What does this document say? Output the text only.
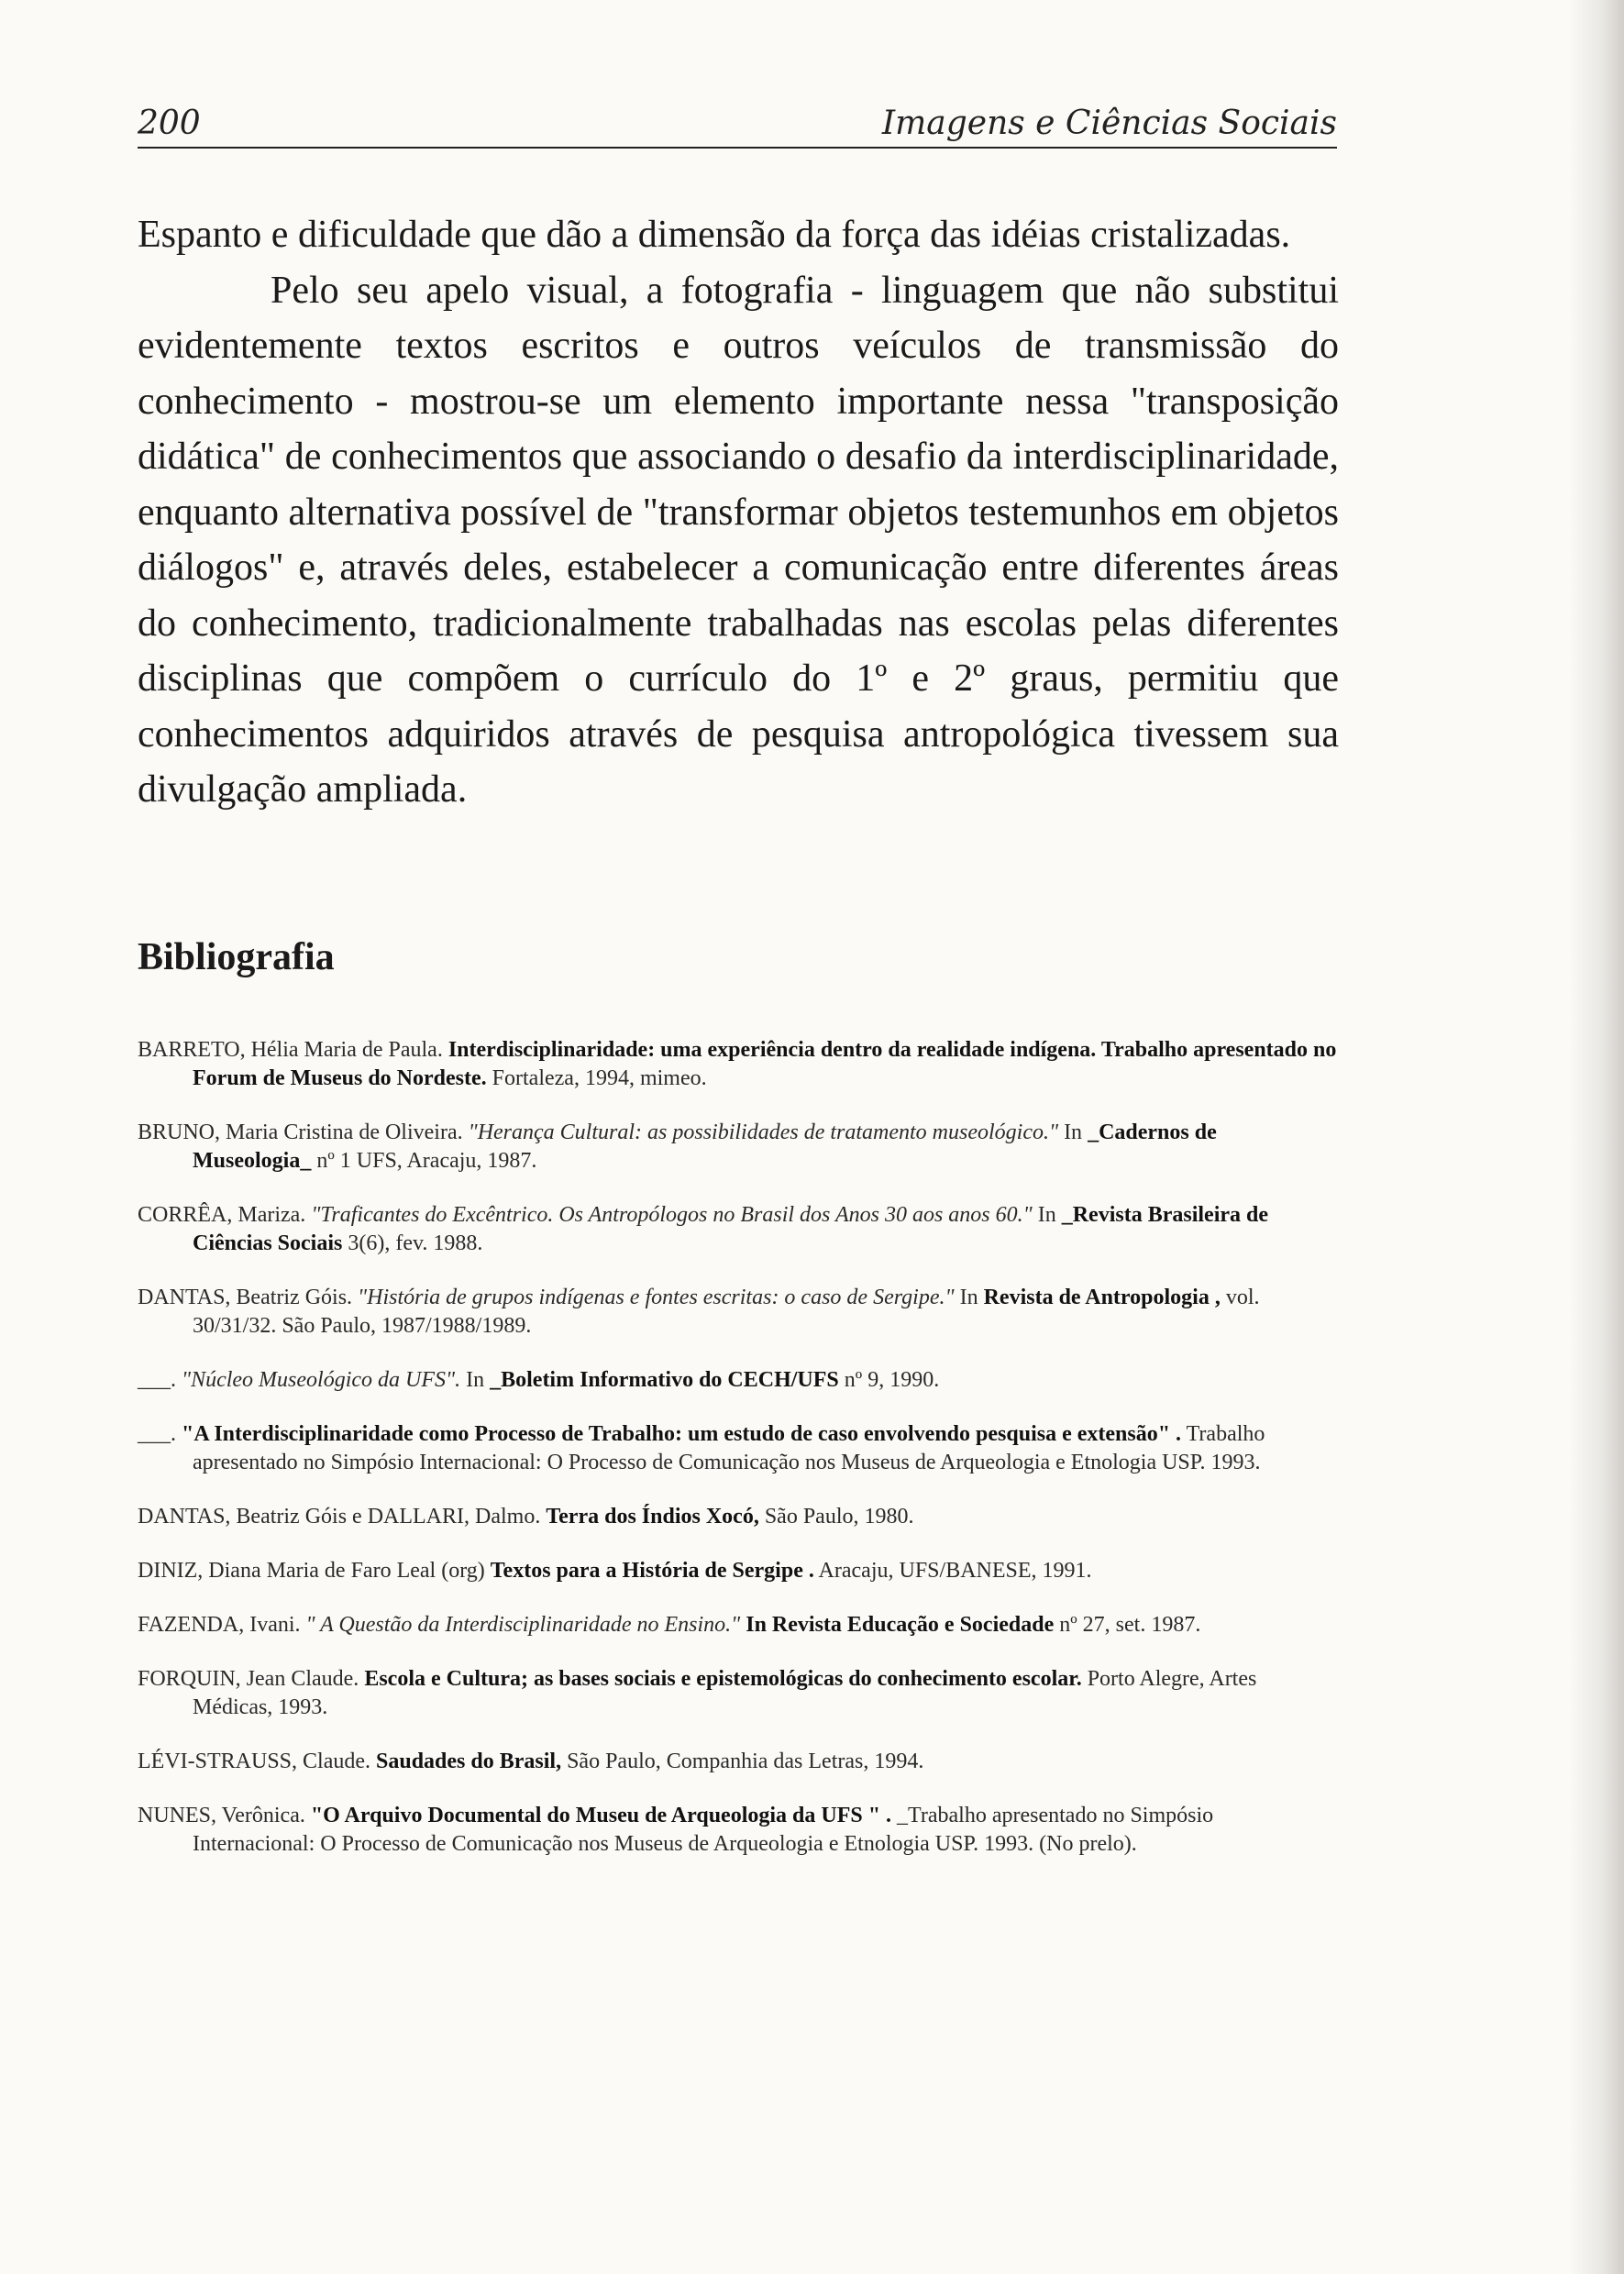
200	Imagens e Ciências Sociais

Espanto e dificuldade que dão a dimensão da força das idéias cristalizadas.

Pelo seu apelo visual, a fotografia - linguagem que não substitui evidentemente textos escritos e outros veículos de transmissão do conhecimento - mostrou-se um elemento importante nessa "transposição didática" de conhecimentos que associando o desafio da interdisciplinaridade, enquanto alternativa possível de "transformar objetos testemunhos em objetos diálogos" e, através deles, estabelecer a comunicação entre diferentes áreas do conhecimento, tradicionalmente trabalhadas nas escolas pelas diferentes disciplinas que compõem o currículo do 1º e 2º graus, permitiu que conhecimentos adquiridos através de pesquisa antropológica tivessem sua divulgação ampliada.

Bibliografia

BARRETO, Hélia Maria de Paula. Interdisciplinaridade: uma experiência dentro da realidade indígena. Trabalho apresentado no Forum de Museus do Nordeste. Fortaleza, 1994, mimeo.

BRUNO, Maria Cristina de Oliveira. "Herança Cultural: as possibilidades de tratamento museológico." In _Cadernos de Museologia_ nº 1 UFS, Aracaju, 1987.

CORRÊA, Mariza. "Traficantes do Excêntrico. Os Antropólogos no Brasil dos Anos 30 aos anos 60." In _Revista Brasileira de Ciências Sociais 3(6), fev. 1988.

DANTAS, Beatriz Góis. "História de grupos indígenas e fontes escritas: o caso de Sergipe." In Revista de Antropologia , vol. 30/31/32. São Paulo, 1987/1988/1989.

___. "Núcleo Museológico da UFS". In _Boletim Informativo do CECH/UFS nº 9, 1990.

___. "A Interdisciplinaridade como Processo de Trabalho: um estudo de caso envolvendo pesquisa e extensão" . Trabalho apresentado no Simpósio Internacional: O Processo de Comunicação nos Museus de Arqueologia e Etnologia USP. 1993.

DANTAS, Beatriz Góis e DALLARI, Dalmo. Terra dos Índios Xocó, São Paulo, 1980.

DINIZ, Diana Maria de Faro Leal (org) Textos para a História de Sergipe . Aracaju, UFS/BANESE, 1991.

FAZENDA, Ivani. " A Questão da Interdisciplinaridade no Ensino." In Revista Educação e Sociedade nº 27, set. 1987.

FORQUIN, Jean Claude. Escola e Cultura; as bases sociais e epistemológicas do conhecimento escolar. Porto Alegre, Artes Médicas, 1993.

LÉVI-STRAUSS, Claude. Saudades do Brasil, São Paulo, Companhia das Letras, 1994.

NUNES, Verônica. "O Arquivo Documental do Museu de Arqueologia da UFS " . _Trabalho apresentado no Simpósio Internacional: O Processo de Comunicação nos Museus de Arqueologia e Etnologia USP. 1993. (No prelo).
